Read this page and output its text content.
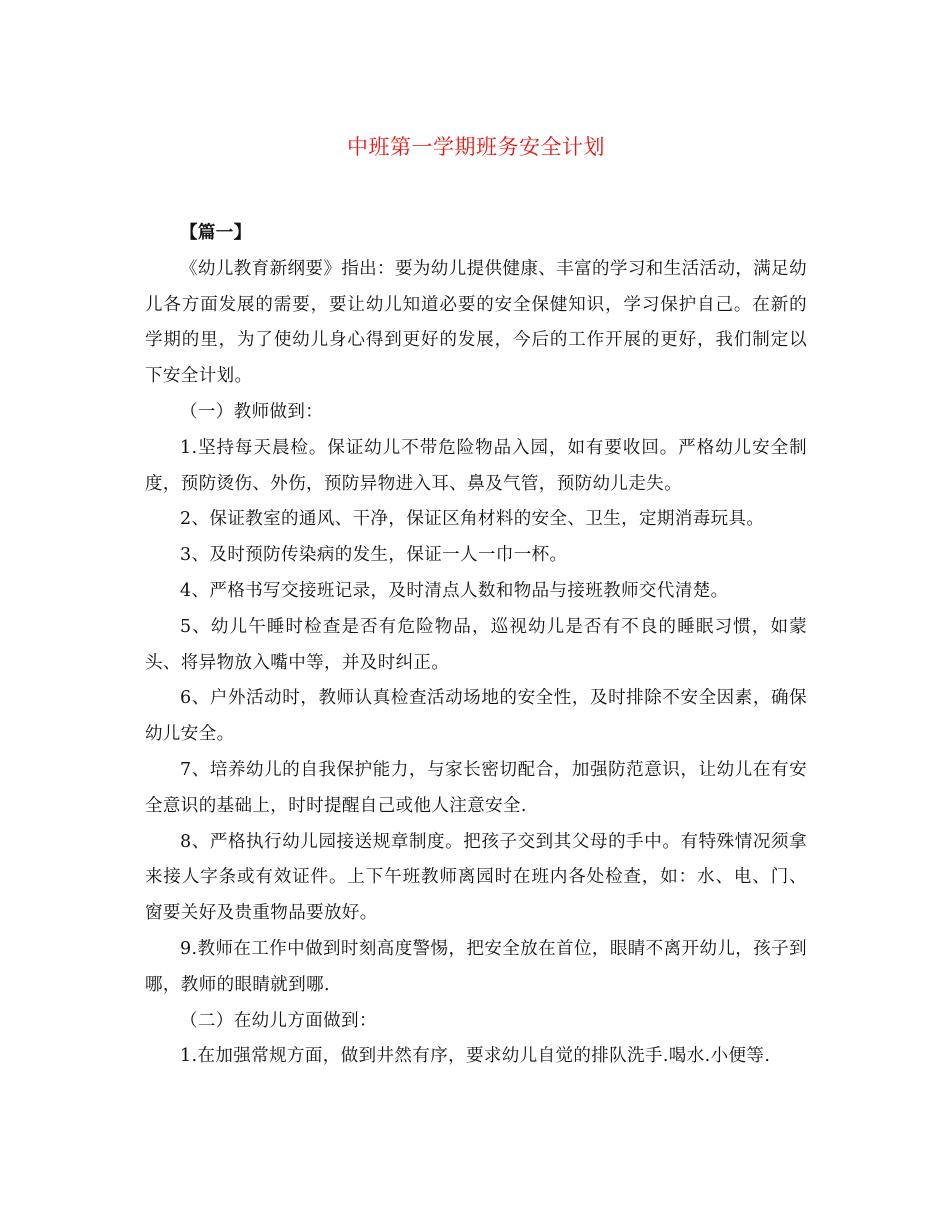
中班第一学期班务安全计划

【篇一】

《幼儿教育新纲要》指出：要为幼儿提供健康、丰富的学习和生活活动，满足幼儿各方面发展的需要，要让幼儿知道必要的安全保健知识，学习保护自己。在新的学期的里，为了使幼儿身心得到更好的发展，今后的工作开展的更好，我们制定以下安全计划。

（一）教师做到：

1.坚持每天晨检。保证幼儿不带危险物品入园，如有要收回。严格幼儿安全制度，预防烫伤、外伤，预防异物进入耳、鼻及气管，预防幼儿走失。

2、保证教室的通风、干净，保证区角材料的安全、卫生，定期消毒玩具。

3、及时预防传染病的发生，保证一人一巾一杯。

4、严格书写交接班记录，及时清点人数和物品与接班教师交代清楚。

5、幼儿午睡时检查是否有危险物品，巡视幼儿是否有不良的睡眠习惯，如蒙头、将异物放入嘴中等，并及时纠正。

6、户外活动时，教师认真检查活动场地的安全性，及时排除不安全因素，确保幼儿安全。

7、培养幼儿的自我保护能力，与家长密切配合，加强防范意识，让幼儿在有安全意识的基础上，时时提醒自己或他人注意安全.

8、严格执行幼儿园接送规章制度。把孩子交到其父母的手中。有特殊情况须拿来接人字条或有效证件。上下午班教师离园时在班内各处检查，如：水、电、门、窗要关好及贵重物品要放好。

9.教师在工作中做到时刻高度警惕，把安全放在首位，眼睛不离开幼儿，孩子到哪，教师的眼睛就到哪.

（二）在幼儿方面做到：

1.在加强常规方面，做到井然有序，要求幼儿自觉的排队洗手.喝水.小便等.
